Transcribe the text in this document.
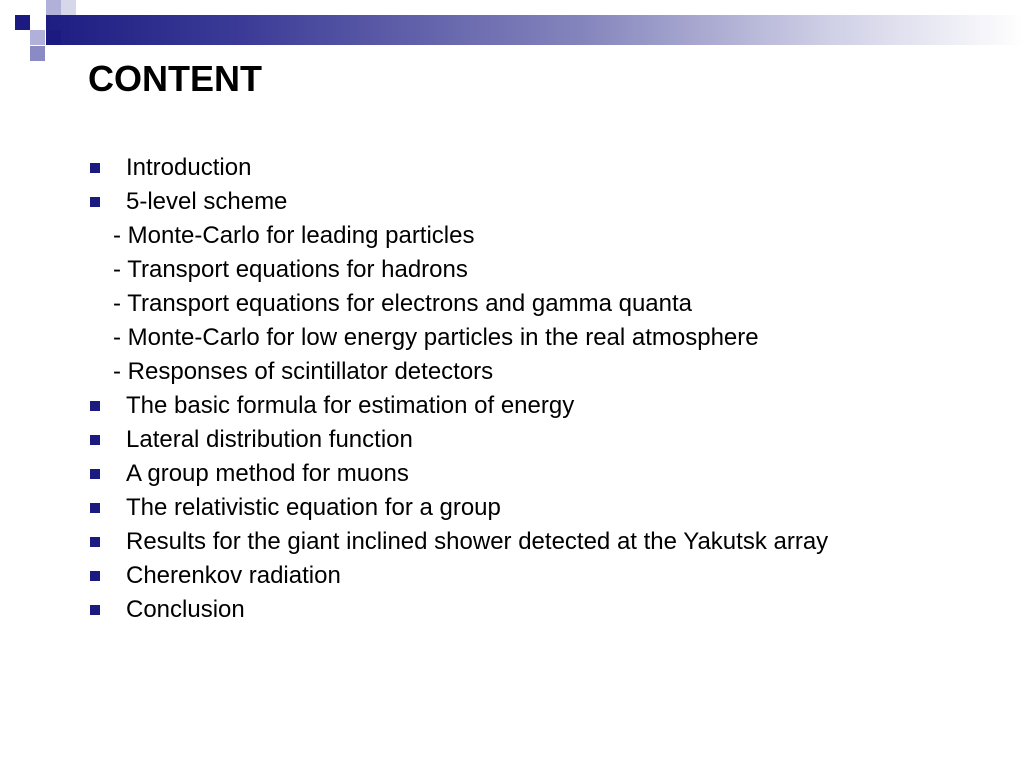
CONTENT
Introduction
5-level scheme
- Monte-Carlo for leading particles
- Transport equations for hadrons
- Transport equations for electrons and gamma quanta
- Monte-Carlo for low energy particles in the real atmosphere
- Responses of scintillator detectors
The basic formula for estimation of energy
Lateral distribution function
A group method for muons
The relativistic equation for a group
Results for the giant inclined shower detected at the Yakutsk array
Cherenkov radiation
Conclusion
